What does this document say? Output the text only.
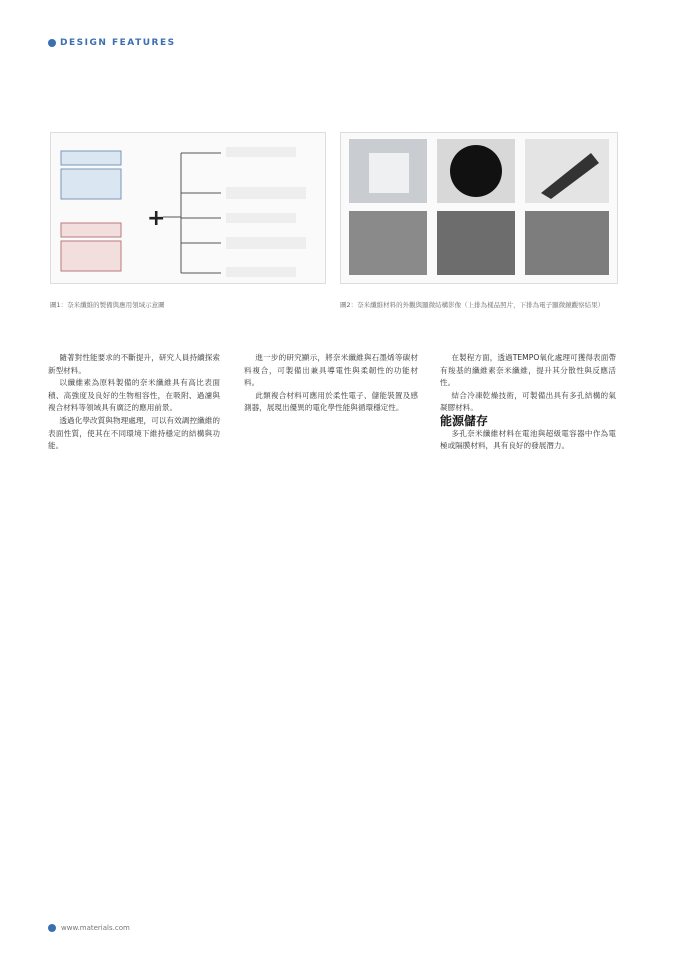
DESIGN FEATURES
+
圖1：奈米纖維的製備與應用領域示意圖	圖2：奈米纖維材料的外觀與顯微結構影像（上排為樣品照片，下排為電子顯微鏡觀察結果）

隨著對性能要求的不斷提升，研究人員持續探索新型材料。

以纖維素為原料製備的奈米纖維具有高比表面積、高強度及良好的生物相容性，在吸附、過濾與複合材料等領域具有廣泛的應用前景。

透過化學改質與物理處理，可以有效調控纖維的表面性質，使其在不同環境下維持穩定的結構與功能。

進一步的研究顯示，將奈米纖維與石墨烯等碳材料複合，可製備出兼具導電性與柔韌性的功能材料。

此類複合材料可應用於柔性電子、儲能裝置及感測器，展現出優異的電化學性能與循環穩定性。

在製程方面，透過TEMPO氧化處理可獲得表面帶有羧基的纖維素奈米纖維，提升其分散性與反應活性。

結合冷凍乾燥技術，可製備出具有多孔結構的氣凝膠材料。

能源儲存

多孔奈米纖維材料在電池與超級電容器中作為電極或隔膜材料，具有良好的發展潛力。

www.materials.com
